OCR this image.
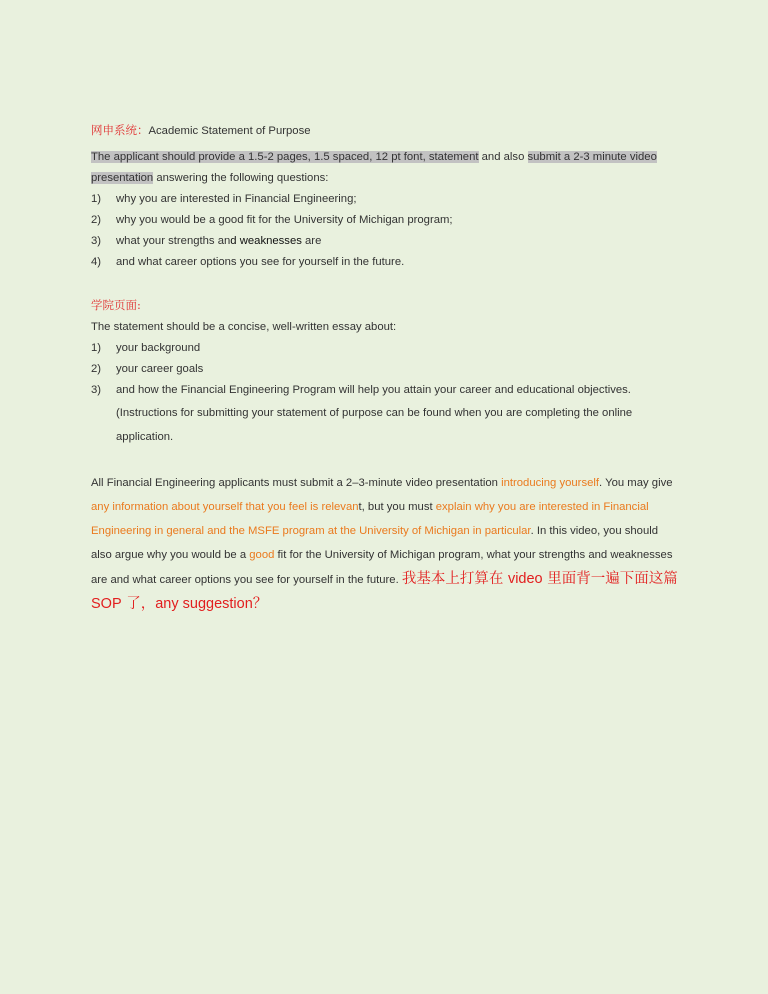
网申系统：Academic Statement of Purpose

The applicant should provide a 1.5-2 pages, 1.5 spaced, 12 pt font, statement and also submit a 2-3 minute video presentation answering the following questions:

1)	why you are interested in Financial Engineering;
2)	why you would be a good fit for the University of Michigan program;
3)	what your strengths and weaknesses are
4)	and what career options you see for yourself in the future.

学院页面:

The statement should be a concise, well-written essay about:

1)	your background
2)	your career goals
3)	and how the Financial Engineering Program will help you attain your career and educational objectives.

(Instructions for submitting your statement of purpose can be found when you are completing the online application.

All Financial Engineering applicants must submit a 2–3-minute video presentation introducing yourself. You may give any information about yourself that you feel is relevant, but you must explain why you are interested in Financial Engineering in general and the MSFE program at the University of Michigan in particular. In this video, you should also argue why you would be a good fit for the University of Michigan program, what your strengths and weaknesses are and what career options you see for yourself in the future. 我基本上打算在 video 里面背一遍下面这篇 SOP 了，any suggestion？
